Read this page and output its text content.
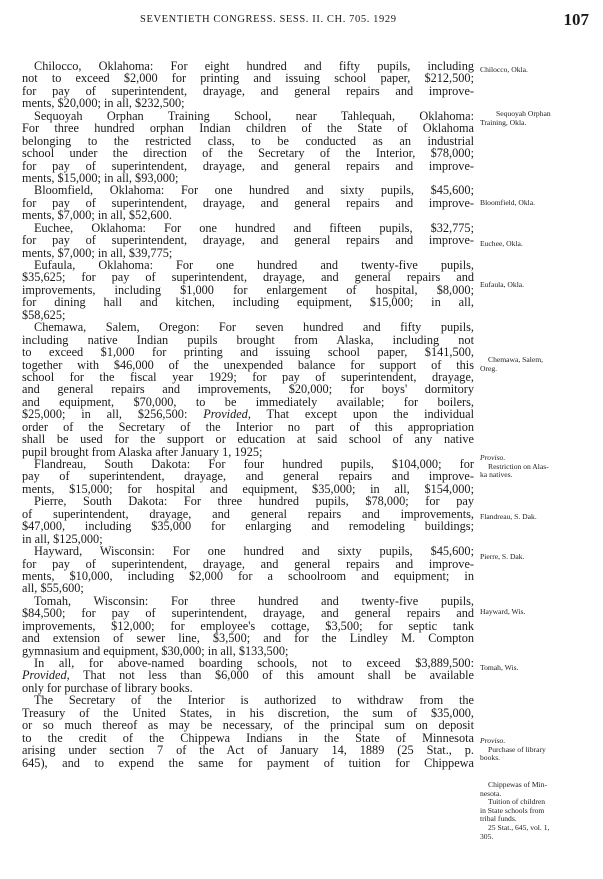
SEVENTIETH CONGRESS. SESS. II. CH. 705. 1929	107
Chilocco, Oklahoma: For eight hundred and fifty pupils, including
not to exceed $2,000 for printing and issuing school paper, $212,500;
for pay of superintendent, drayage, and general repairs and improve-
ments, $20,000; in all, $232,500;
Sequoyah Orphan Training School, near Tahlequah, Oklahoma:
For three hundred orphan Indian children of the State of Oklahoma
belonging to the restricted class, to be conducted as an industrial
school under the direction of the Secretary of the Interior, $78,000;
for pay of superintendent, drayage, and general repairs and improve-
ments, $15,000; in all, $93,000;
Bloomfield, Oklahoma: For one hundred and sixty pupils, $45,600;
for pay of superintendent, drayage, and general repairs and improve-
ments, $7,000; in all, $52,600.
Euchee, Oklahoma: For one hundred and fifteen pupils, $32,775;
for pay of superintendent, drayage, and general repairs and improve-
ments, $7,000; in all, $39,775;
Eufaula, Oklahoma: For one hundred and twenty-five pupils,
$35,625; for pay of superintendent, drayage, and general repairs and
improvements, including $1,000 for enlargement of hospital, $8,000;
for dining hall and kitchen, including equipment, $15,000; in all,
$58,625;
Chemawa, Salem, Oregon: For seven hundred and fifty pupils,
including native Indian pupils brought from Alaska, including not
to exceed $1,000 for printing and issuing school paper, $141,500,
together with $46,000 of the unexpended balance for support of this
school for the fiscal year 1929; for pay of superintendent, drayage,
and general repairs and improvements, $20,000; for boys' dormitory
and equipment, $70,000, to be immediately available; for boilers,
$25,000; in all, $256,500: Provided, That except upon the individual
order of the Secretary of the Interior no part of this appropriation
shall be used for the support or education at said school of any native
pupil brought from Alaska after January 1, 1925;
Flandreau, South Dakota: For four hundred pupils, $104,000; for
pay of superintendent, drayage, and general repairs and improve-
ments, $15,000; for hospital and equipment, $35,000; in all, $154,000;
Pierre, South Dakota: For three hundred pupils, $78,000; for pay
of superintendent, drayage, and general repairs and improvements,
$47,000, including $35,000 for enlarging and remodeling buildings;
in all, $125,000;
Hayward, Wisconsin: For one hundred and sixty pupils, $45,600;
for pay of superintendent, drayage, and general repairs and improve-
ments, $10,000, including $2,000 for a schoolroom and equipment; in
all, $55,600;
Tomah, Wisconsin: For three hundred and twenty-five pupils,
$84,500; for pay of superintendent, drayage, and general repairs and
improvements, $12,000; for employee's cottage, $3,500; for septic tank
and extension of sewer line, $3,500; and for the Lindley M. Compton
gymnasium and equipment, $30,000; in all, $133,500;
In all, for above-named boarding schools, not to exceed $3,889,500:
Provided, That not less than $6,000 of this amount shall be available
only for purchase of library books.
The Secretary of the Interior is authorized to withdraw from the
Treasury of the United States, in his discretion, the sum of $35,000,
or so much thereof as may be necessary, of the principal sum on deposit
to the credit of the Chippewa Indians in the State of Minnesota
arising under section 7 of the Act of January 14, 1889 (25 Stat., p.
645), and to expend the same for payment of tuition for Chippewa
Chilocco, Okla.
Sequoyah Orphan
Training, Okla.
Bloomfield, Okla.
Euchee, Okla.
Eufaula, Okla.
Chemawa, Salem,
Oreg.
Proviso.
Restriction on Alas-
ka natives.
Flandreau, S. Dak.
Pierre, S. Dak.
Hayward, Wis.
Tomah, Wis.
Proviso.
Purchase of library
books.
Chippewas of Min-
nesota.
Tuition of children
in State schools from
tribal funds.
25 Stat., 645, vol. 1,
305.
